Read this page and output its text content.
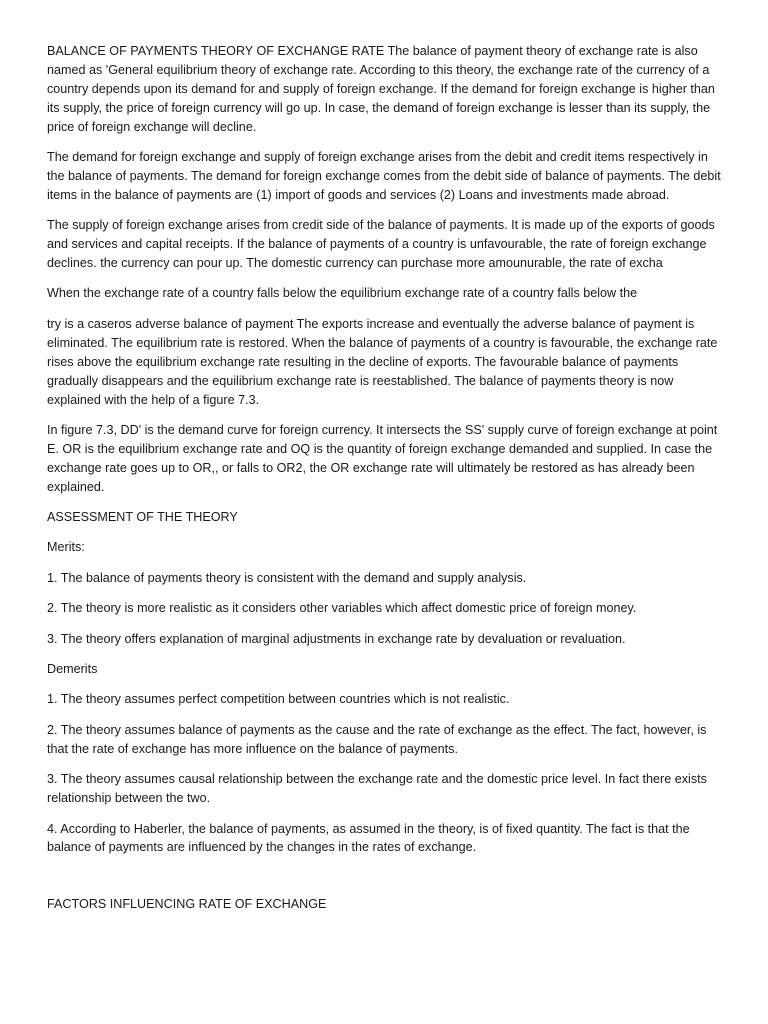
BALANCE OF PAYMENTS THEORY OF EXCHANGE RATE The balance of payment theory of exchange rate is also named as 'General equilibrium theory of exchange rate. According to this theory, the exchange rate of the currency of a country depends upon its demand for and supply of foreign exchange. If the demand for foreign exchange is higher than its supply, the price of foreign currency will go up. In case, the demand of foreign exchange is lesser than its supply, the price of foreign exchange will decline.

The demand for foreign exchange and supply of foreign exchange arises from the debit and credit items respectively in the balance of payments. The demand for foreign exchange comes from the debit side of balance of payments. The debit items in the balance of payments are (1) import of goods and services (2) Loans and investments made abroad.

The supply of foreign exchange arises from credit side of the balance of payments. It is made up of the exports of goods and services and capital receipts. If the balance of payments of a country is unfavourable, the rate of foreign exchange declines. the currency can pour up. The domestic currency can purchase more amounurable, the rate of excha

When the exchange rate of a country falls below the equilibrium exchange rate of a country falls below the

try is a caseros adverse balance of payment The exports increase and eventually the adverse balance of payment is eliminated. The equilibrium rate is restored. When the balance of payments of a country is favourable, the exchange rate rises above the equilibrium exchange rate resulting in the decline of exports. The favourable balance of payments gradually disappears and the equilibrium exchange rate is reestablished. The balance of payments theory is now explained with the help of a figure 7.3.

In figure 7.3, DD' is the demand curve for foreign currency. It intersects the SS' supply curve of foreign exchange at point E. OR is the equilibrium exchange rate and OQ is the quantity of foreign exchange demanded and supplied. In case the exchange rate goes up to OR,, or falls to OR2, the OR exchange rate will ultimately be restored as has already been explained.

ASSESSMENT OF THE THEORY

Merits:

1. The balance of payments theory is consistent with the demand and supply analysis.

2. The theory is more realistic as it considers other variables which affect domestic price of foreign money.

3. The theory offers explanation of marginal adjustments in exchange rate by devaluation or revaluation.

Demerits

1. The theory assumes perfect competition between countries which is not realistic.

2. The theory assumes balance of payments as the cause and the rate of exchange as the effect. The fact, however, is that the rate of exchange has more influence on the balance of payments.

3. The theory assumes causal relationship between the exchange rate and the domestic price level. In fact there exists relationship between the two.

4. According to Haberler, the balance of payments, as assumed in the theory, is of fixed quantity. The fact is that the balance of payments are influenced by the changes in the rates of exchange.

FACTORS INFLUENCING RATE OF EXCHANGE
